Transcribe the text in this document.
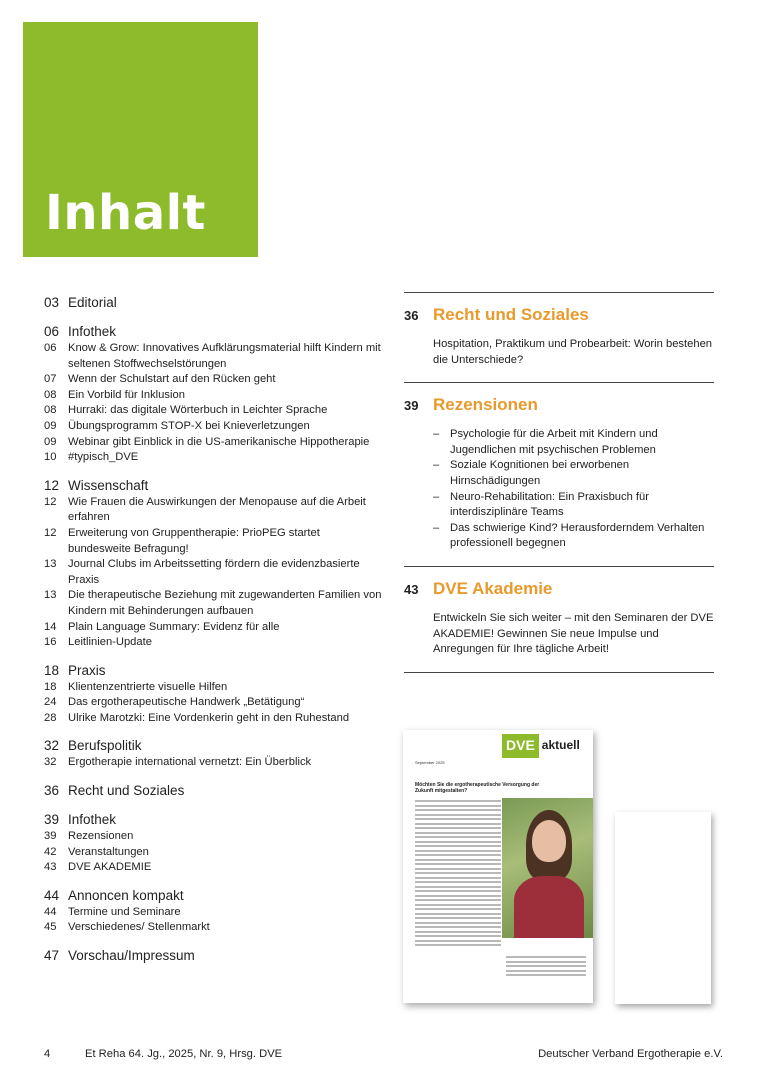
Inhalt
03 Editorial
06 Infothek
06	Know & Grow: Innovatives Aufklärungsmaterial hilft Kindern mit seltenen Stoffwechselstörungen
07	Wenn der Schulstart auf den Rücken geht
08	Ein Vorbild für Inklusion
08	Hurraki: das digitale Wörterbuch in Leichter Sprache
09	Übungsprogramm STOP-X bei Knieverletzungen
09	Webinar gibt Einblick in die US-amerikanische Hippotherapie
10	#typisch_DVE
12 Wissenschaft
12	Wie Frauen die Auswirkungen der Menopause auf die Arbeit erfahren
12	Erweiterung von Gruppentherapie: PrioPEG startet bundesweite Befragung!
13	Journal Clubs im Arbeitssetting fördern die evidenzbasierte Praxis
13	Die therapeutische Beziehung mit zugewanderten Familien von Kindern mit Behinderungen aufbauen
14	Plain Language Summary: Evidenz für alle
16	Leitlinien-Update
18 Praxis
18	Klientenzentrierte visuelle Hilfen
24	Das ergotherapeutische Handwerk „Betätigung“
28	Ulrike Marotzki: Eine Vordenkerin geht in den Ruhestand
32 Berufspolitik
32	Ergotherapie international vernetzt: Ein Überblick
36 Recht und Soziales
39 Infothek
39	Rezensionen
42	Veranstaltungen
43	DVE AKADEMIE
44 Annoncen kompakt
44	Termine und Seminare
45	Verschiedenes/ Stellenmarkt
47 Vorschau/Impressum
36 Recht und Soziales
Hospitation, Praktikum und Probearbeit: Worin bestehen die Unterschiede?
39 Rezensionen
– Psychologie für die Arbeit mit Kindern und Jugendlichen mit psychischen Problemen
– Soziale Kognitionen bei erworbenen Hirnschädigungen
– Neuro-Rehabilitation: Ein Praxisbuch für interdisziplinäre Teams
– Das schwierige Kind? Herausforderndem Verhalten professionell begegnen
43 DVE Akademie
Entwickeln Sie sich weiter – mit den Seminaren der DVE AKADEMIE! Gewinnen Sie neue Impulse und Anregungen für Ihre tägliche Arbeit!
DVE aktuell
September 2025
Möchten Sie die ergotherapeutische Versorgung der Zukunft mitgestalten?
4	Et Reha 64. Jg., 2025, Nr. 9, Hrsg. DVE	Deutscher Verband Ergotherapie e.V.
